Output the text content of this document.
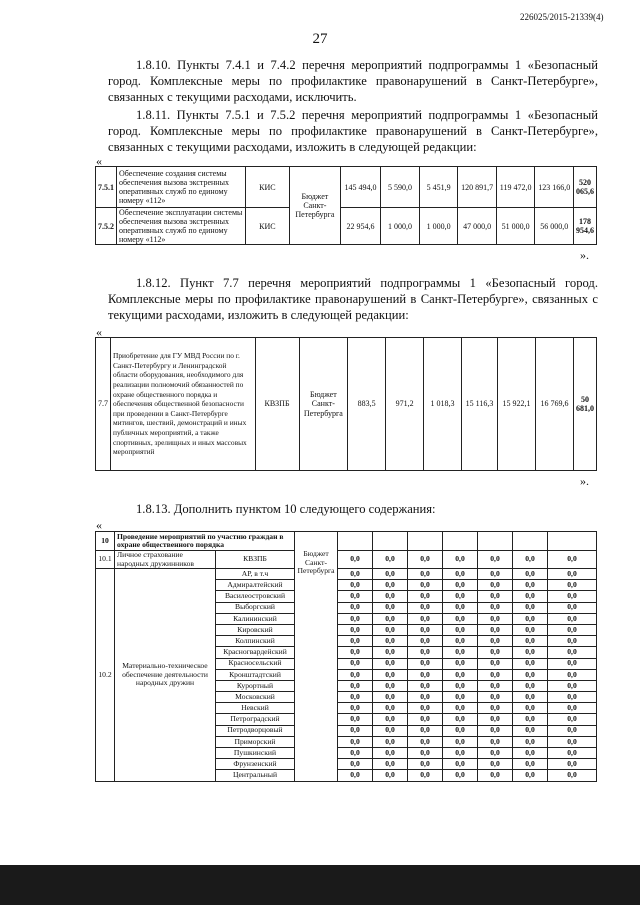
226025/2015-21339(4)
27
1.8.10. Пункты 7.4.1 и 7.4.2 перечня мероприятий подпрограммы 1 «Безопасный город. Комплексные меры по профилактике правонарушений в Санкт-Петербурге», связанных с текущими расходами, исключить.
1.8.11. Пункты 7.5.1 и 7.5.2 перечня мероприятий подпрограммы 1 «Безопасный город. Комплексные меры по профилактике правонарушений в Санкт-Петербурге», связанных с текущими расходами, изложить в следующей редакции:
«
7.5.1	Обеспечение создания системы обеспечения вызова экстренных оперативных служб по единому номеру «112»	КИС	Бюджет Санкт-Петербурга	145 494,0	5 590,0	5 451,9	120 891,7	119 472,0	123 166,0	520 065,6
7.5.2	Обеспечение эксплуатации системы обеспечения вызова экстренных оперативных служб по единому номеру «112»	КИС		22 954,6	1 000,0	1 000,0	47 000,0	51 000,0	56 000,0	178 954,6
».
1.8.12. Пункт 7.7 перечня мероприятий подпрограммы 1 «Безопасный город. Комплексные меры по профилактике правонарушений в Санкт-Петербурге», связанных с текущими расходами, изложить в следующей редакции:
«
7.7	Приобретение для ГУ МВД России по г. Санкт-Петербургу и Ленинградской области оборудования, необходимого для реализации полномочий обязанностей по охране общественного порядка и обеспечения общественной безопасности при проведении в Санкт-Петербурге митингов, шествий, демонстраций и иных публичных мероприятий, а также спортивных, зрелищных и иных массовых мероприятий	КВЗПБ	Бюджет Санкт-Петербурга	883,5	971,2	1 018,3	15 116,3	15 922,1	16 769,6	50 681,0
».
1.8.13. Дополнить пунктом 10 следующего содержания:
«
10	Проведение мероприятий по участию граждан в охране общественного порядка		Бюджет Санкт-Петербурга							
10.1	Личное страхование народных дружинников	КВЗПБ		0,0	0,0	0,0	0,0	0,0	0,0	0,0
10.2	Материально-техническое обеспечение деятельности народных дружин	АР, в т.ч		0,0	0,0	0,0	0,0	0,0	0,0	0,0
		Адмиралтейский		0,0	0,0	0,0	0,0	0,0	0,0	0,0
		Василеостровский		0,0	0,0	0,0	0,0	0,0	0,0	0,0
		Выборгский		0,0	0,0	0,0	0,0	0,0	0,0	0,0
		Калининский		0,0	0,0	0,0	0,0	0,0	0,0	0,0
		Кировский		0,0	0,0	0,0	0,0	0,0	0,0	0,0
		Колпинский		0,0	0,0	0,0	0,0	0,0	0,0	0,0
		Красногвардейский		0,0	0,0	0,0	0,0	0,0	0,0	0,0
		Красносельский		0,0	0,0	0,0	0,0	0,0	0,0	0,0
		Кронштадтский		0,0	0,0	0,0	0,0	0,0	0,0	0,0
		Курортный		0,0	0,0	0,0	0,0	0,0	0,0	0,0
		Московский		0,0	0,0	0,0	0,0	0,0	0,0	0,0
		Невский		0,0	0,0	0,0	0,0	0,0	0,0	0,0
		Петроградский		0,0	0,0	0,0	0,0	0,0	0,0	0,0
		Петродворцовый		0,0	0,0	0,0	0,0	0,0	0,0	0,0
		Приморский		0,0	0,0	0,0	0,0	0,0	0,0	0,0
		Пушкинский		0,0	0,0	0,0	0,0	0,0	0,0	0,0
		Фрунзенский		0,0	0,0	0,0	0,0	0,0	0,0	0,0
		Центральный		0,0	0,0	0,0	0,0	0,0	0,0	0,0
